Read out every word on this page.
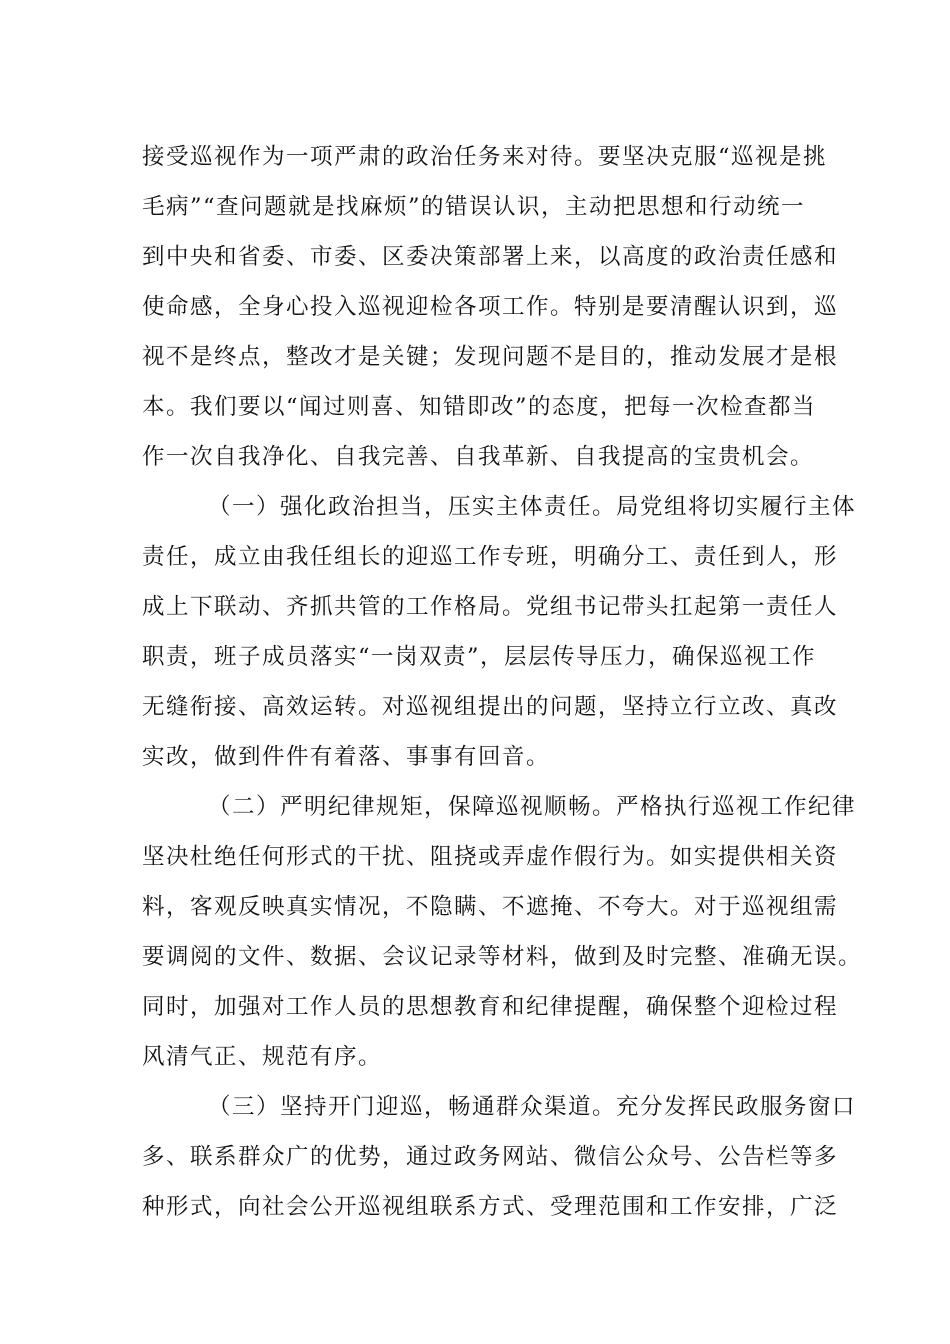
接受巡视作为一项严肃的政治任务来对待。要坚决克服“巡视是挑
毛病”“查问题就是找麻烦”的错误认识，主动把思想和行动统一
到中央和省委、市委、区委决策部署上来，以高度的政治责任感和
使命感，全身心投入巡视迎检各项工作。特别是要清醒认识到，巡
视不是终点，整改才是关键；发现问题不是目的，推动发展才是根
本。我们要以“闻过则喜、知错即改”的态度，把每一次检查都当
作一次自我净化、自我完善、自我革新、自我提高的宝贵机会。
（一）强化政治担当，压实主体责任。局党组将切实履行主体
责任，成立由我任组长的迎巡工作专班，明确分工、责任到人，形
成上下联动、齐抓共管的工作格局。党组书记带头扛起第一责任人
职责，班子成员落实“一岗双责”，层层传导压力，确保巡视工作
无缝衔接、高效运转。对巡视组提出的问题，坚持立行立改、真改
实改，做到件件有着落、事事有回音。
（二）严明纪律规矩，保障巡视顺畅。严格执行巡视工作纪律
坚决杜绝任何形式的干扰、阻挠或弄虚作假行为。如实提供相关资
料，客观反映真实情况，不隐瞒、不遮掩、不夸大。对于巡视组需
要调阅的文件、数据、会议记录等材料，做到及时完整、准确无误。
同时，加强对工作人员的思想教育和纪律提醒，确保整个迎检过程
风清气正、规范有序。
（三）坚持开门迎巡，畅通群众渠道。充分发挥民政服务窗口
多、联系群众广的优势，通过政务网站、微信公众号、公告栏等多
种形式，向社会公开巡视组联系方式、受理范围和工作安排，广泛
